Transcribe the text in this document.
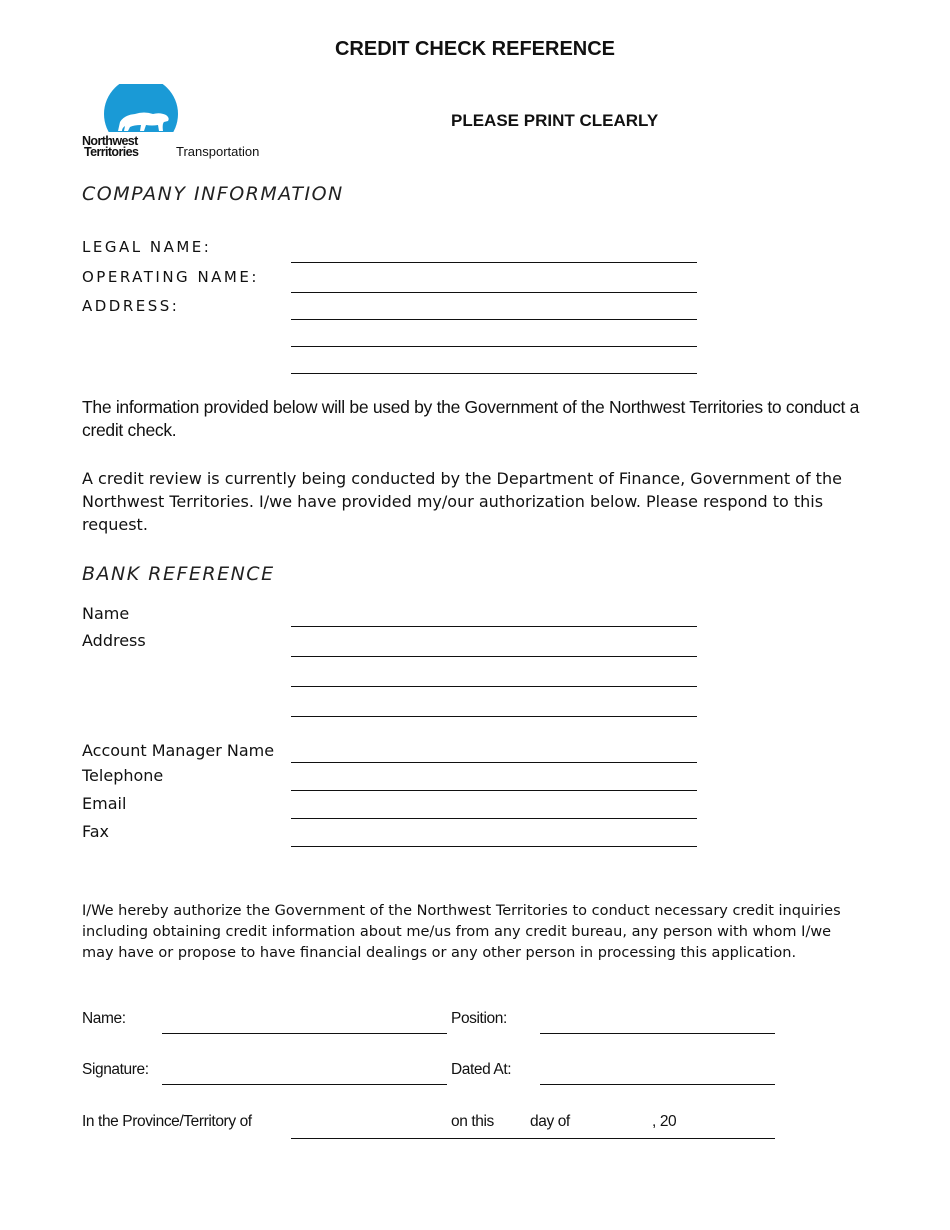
CREDIT CHECK REFERENCE
Northwest
Territories	Transportation
PLEASE PRINT CLEARLY
COMPANY INFORMATION
LEGAL NAME:
OPERATING NAME:
ADDRESS:
The information provided below will be used by the Government of the Northwest Territories to conduct a credit check.
A credit review is currently being conducted by the Department of Finance, Government of the Northwest Territories. I/we have provided my/our authorization below. Please respond to this request.
BANK REFERENCE
Name
Address
Account Manager Name
Telephone
Email
Fax
I/We hereby authorize the Government of the Northwest Territories to conduct necessary credit inquiries including obtaining credit information about me/us from any credit bureau, any person with whom I/we may have or propose to have financial dealings or any other person in processing this application.
Name:	Position:
Signature:	Dated At:
In the Province/Territory of	on this day of	, 20
